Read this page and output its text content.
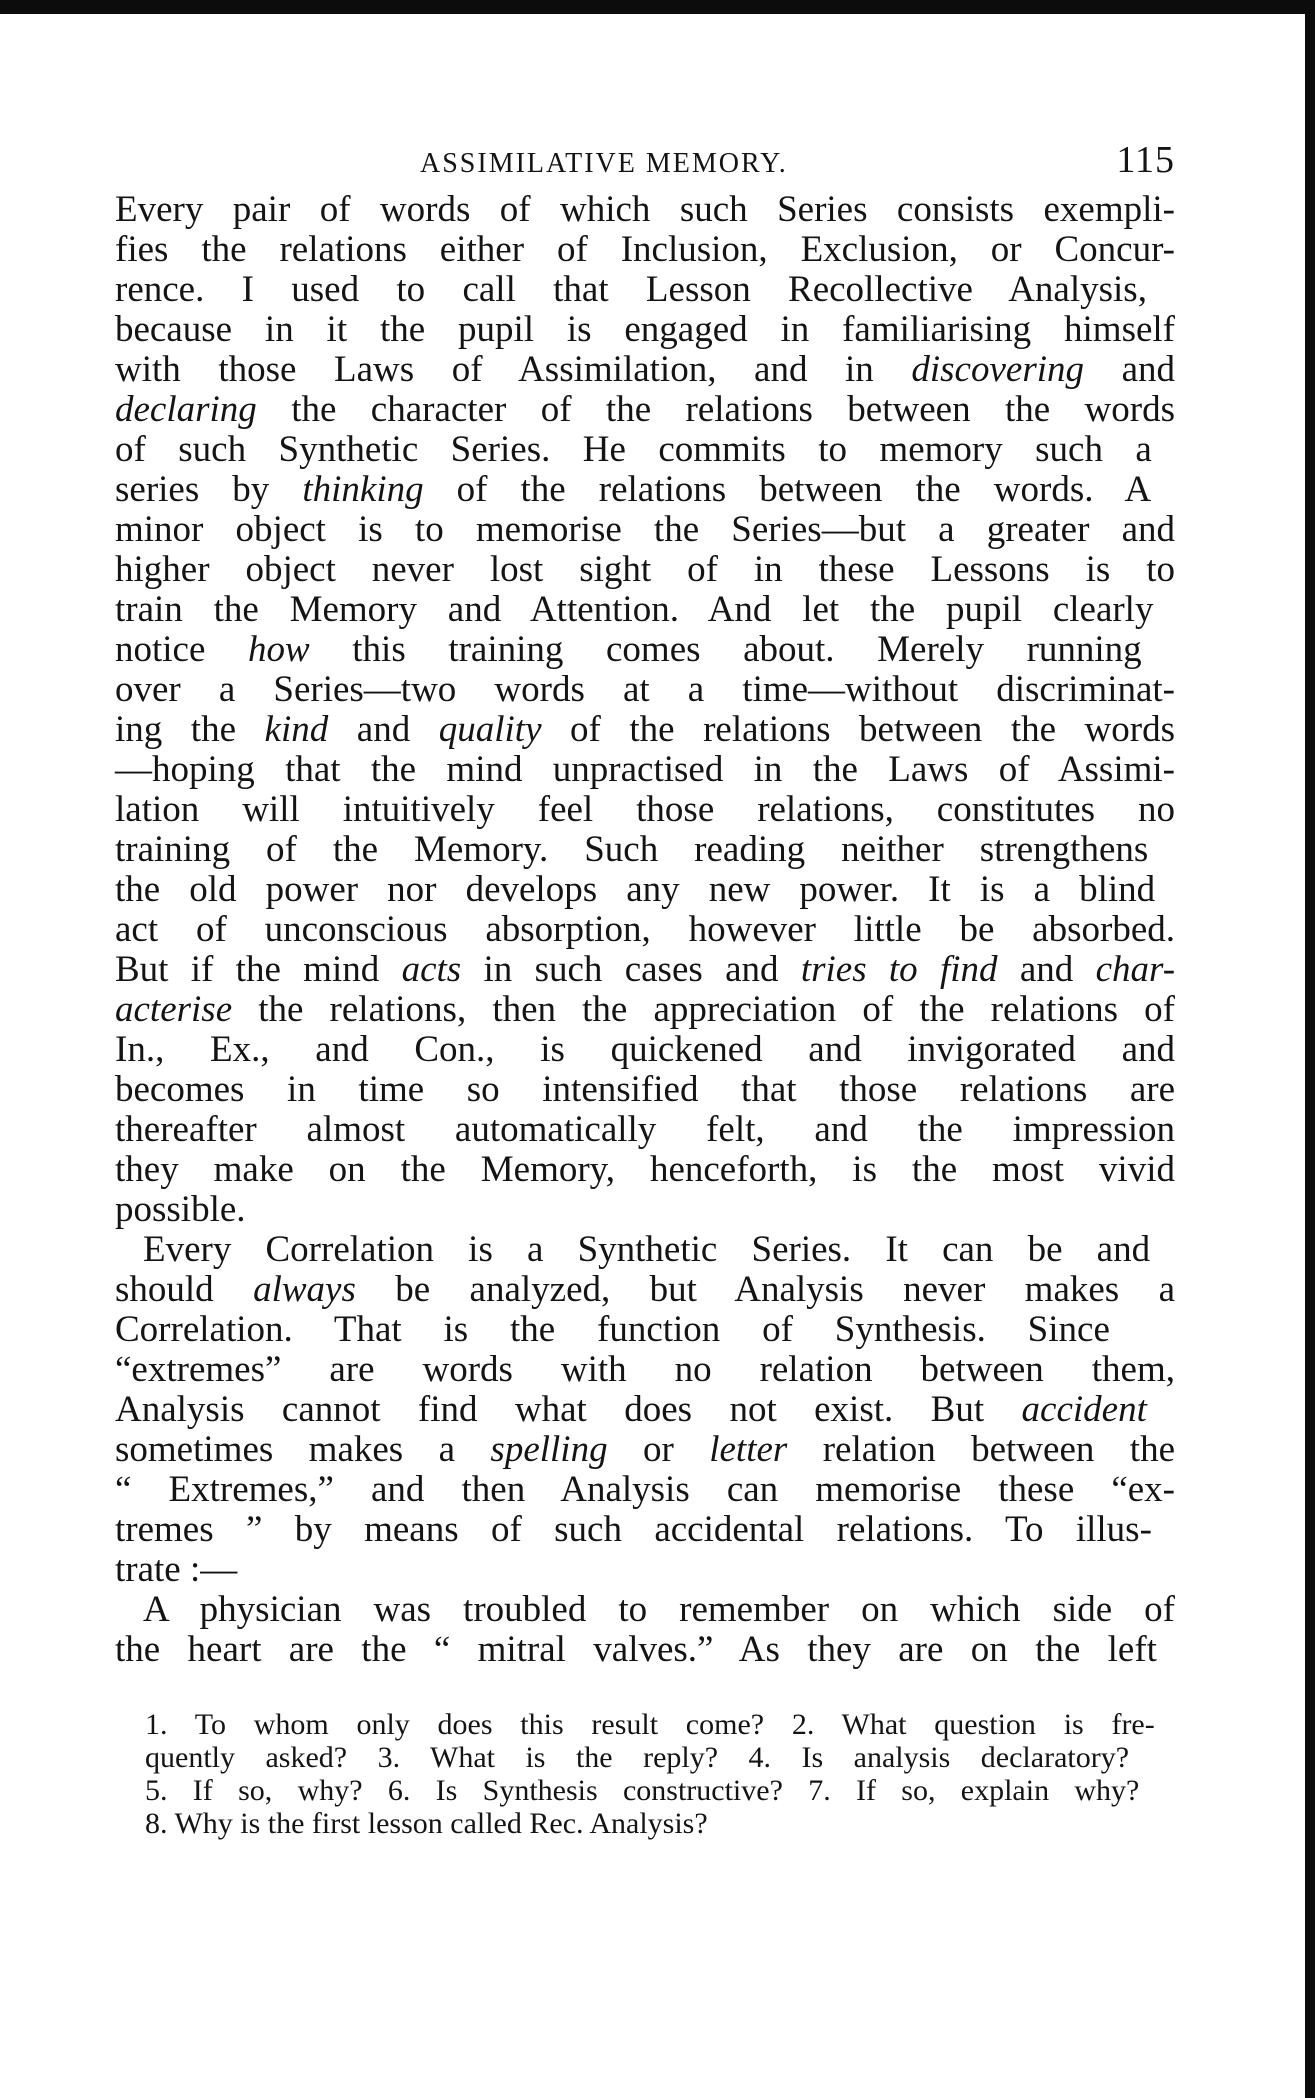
ASSIMILATIVE MEMORY.	115
Every pair of words of which such Series consists exempli-
fies the relations either of Inclusion, Exclusion, or Concur-
rence. I used to call that Lesson Recollective Analysis,
because in it the pupil is engaged in familiarising himself
with those Laws of Assimilation, and in discovering and
declaring the character of the relations between the words
of such Synthetic Series. He commits to memory such a
series by thinking of the relations between the words. A
minor object is to memorise the Series—but a greater and
higher object never lost sight of in these Lessons is to
train the Memory and Attention. And let the pupil clearly
notice how this training comes about. Merely running
over a Series—two words at a time—without discriminat-
ing the kind and quality of the relations between the words
—hoping that the mind unpractised in the Laws of Assimi-
lation will intuitively feel those relations, constitutes no
training of the Memory. Such reading neither strengthens
the old power nor develops any new power. It is a blind
act of unconscious absorption, however little be absorbed.
But if the mind acts in such cases and tries to find and char-
acterise the relations, then the appreciation of the relations of
In., Ex., and Con., is quickened and invigorated and
becomes in time so intensified that those relations are
thereafter almost automatically felt, and the impression
they make on the Memory, henceforth, is the most vivid
possible.
Every Correlation is a Synthetic Series. It can be and
should always be analyzed, but Analysis never makes a
Correlation. That is the function of Synthesis. Since
“extremes” are words with no relation between them,
Analysis cannot find what does not exist. But accident
sometimes makes a spelling or letter relation between the
“ Extremes,” and then Analysis can memorise these “ex-
tremes ” by means of such accidental relations. To illus-
trate :—
A physician was troubled to remember on which side of
the heart are the “ mitral valves.” As they are on the left
1. To whom only does this result come? 2. What question is fre-
quently asked? 3. What is the reply? 4. Is analysis declaratory?
5. If so, why? 6. Is Synthesis constructive? 7. If so, explain why?
8. Why is the first lesson called Rec. Analysis?
